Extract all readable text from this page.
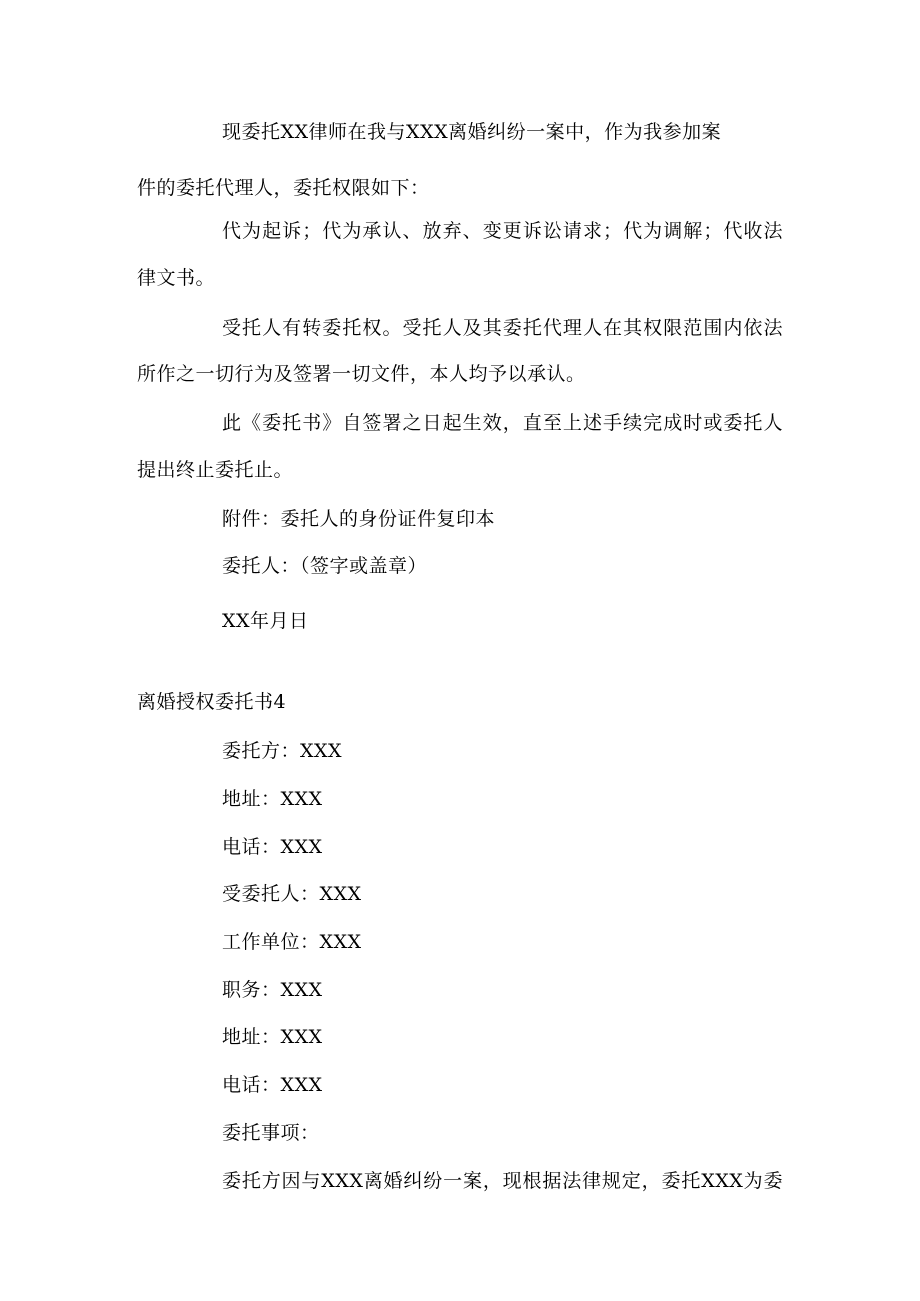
现委托XX律师在我与XXX离婚纠纷一案中，作为我参加案
件的委托代理人，委托权限如下：
代为起诉；代为承认、放弃、变更诉讼请求；代为调解；代收法
律文书。
受托人有转委托权。受托人及其委托代理人在其权限范围内依法
所作之一切行为及签署一切文件，本人均予以承认。
此《委托书》自签署之日起生效，直至上述手续完成时或委托人
提出终止委托止。
附件：委托人的身份证件复印本
委托人：（签字或盖章）
XX年月日
离婚授权委托书4
委托方：XXX
地址：XXX
电话：XXX
受委托人：XXX
工作单位：XXX
职务：XXX
地址：XXX
电话：XXX
委托事项：
委托方因与XXX离婚纠纷一案，现根据法律规定，委托XXX为委
